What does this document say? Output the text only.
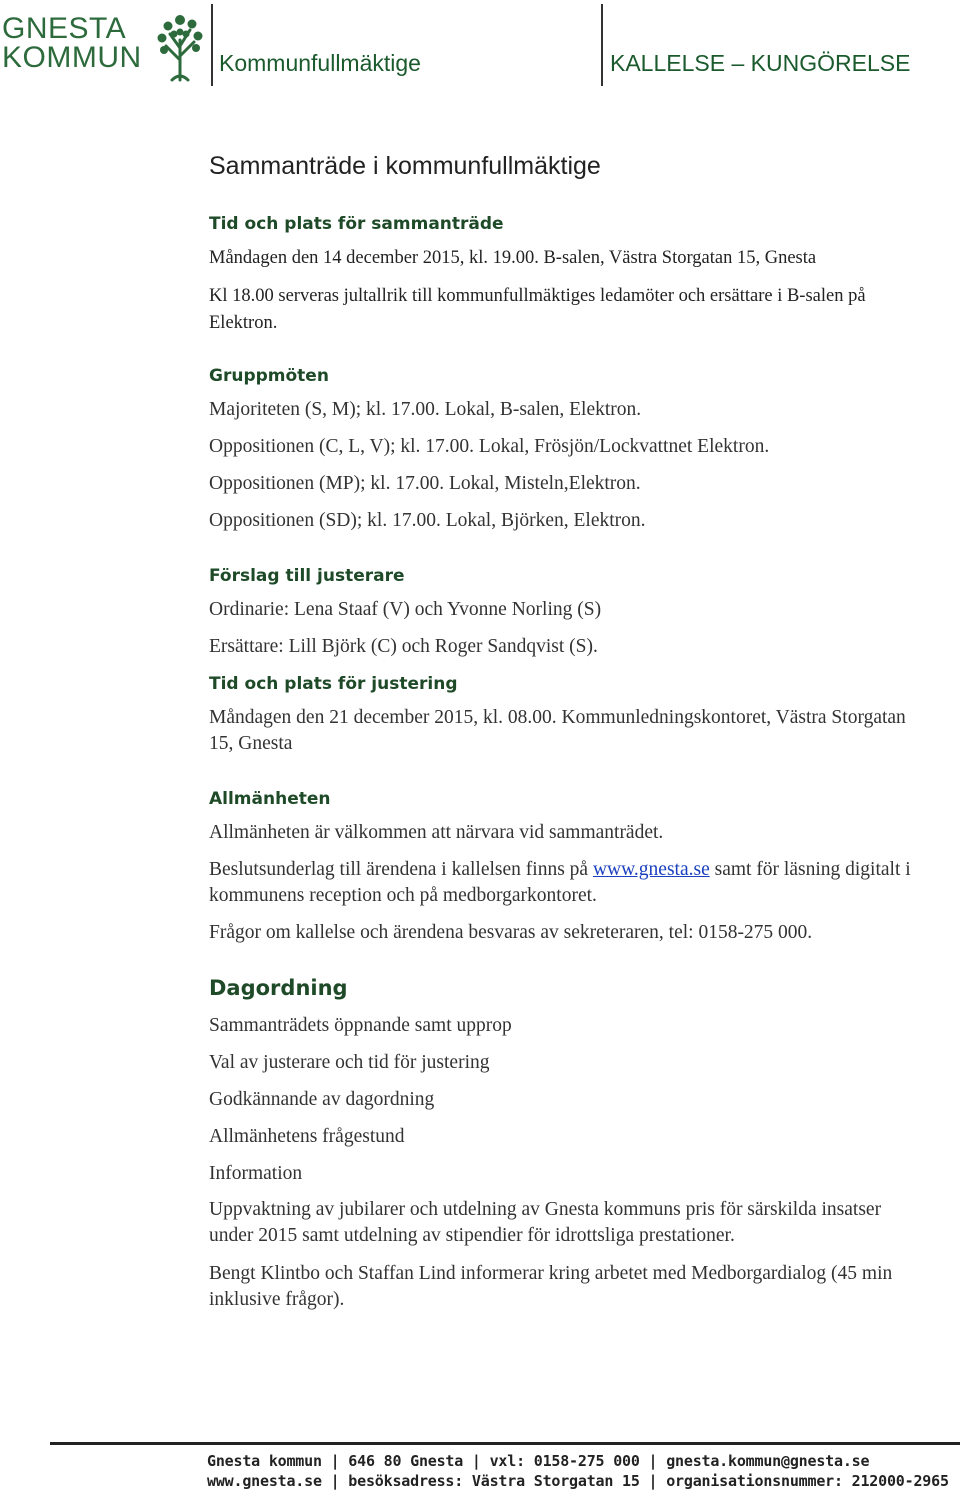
GNESTA
KOMMUN	Kommunfullmäktige	KALLELSE – KUNGÖRELSE
Sammanträde i kommunfullmäktige
Tid och plats för sammanträde
Måndagen den 14 december 2015, kl. 19.00. B-salen, Västra Storgatan 15, Gnesta
Kl 18.00 serveras jultallrik till kommunfullmäktiges ledamöter och ersättare i B-salen på Elektron.
Gruppmöten
Majoriteten (S, M); kl. 17.00. Lokal, B-salen, Elektron.
Oppositionen (C, L, V); kl. 17.00. Lokal, Frösjön/Lockvattnet Elektron.
Oppositionen (MP); kl. 17.00. Lokal, Misteln,Elektron.
Oppositionen (SD); kl. 17.00. Lokal, Björken, Elektron.
Förslag till justerare
Ordinarie: Lena Staaf (V) och Yvonne Norling (S)
Ersättare: Lill Björk (C) och Roger Sandqvist (S).
Tid och plats för justering
Måndagen den 21 december 2015, kl. 08.00. Kommunledningskontoret, Västra Storgatan 15, Gnesta
Allmänheten
Allmänheten är välkommen att närvara vid sammanträdet.
Beslutsunderlag till ärendena i kallelsen finns på www.gnesta.se samt för läsning digitalt i kommunens reception och på medborgarkontoret.
Frågor om kallelse och ärendena besvaras av sekreteraren, tel: 0158-275 000.
Dagordning
Sammanträdets öppnande samt upprop
Val av justerare och tid för justering
Godkännande av dagordning
Allmänhetens frågestund
Information
Uppvaktning av jubilarer och utdelning av Gnesta kommuns pris för särskilda insatser under 2015 samt utdelning av stipendier för idrottsliga prestationer.
Bengt Klintbo och Staffan Lind informerar kring arbetet med Medborgardialog (45 min inklusive frågor).
Gnesta kommun | 646 80 Gnesta | vxl: 0158-275 000 | gnesta.kommun@gnesta.se
www.gnesta.se | besöksadress: Västra Storgatan 15 | organisationsnummer: 212000-2965
